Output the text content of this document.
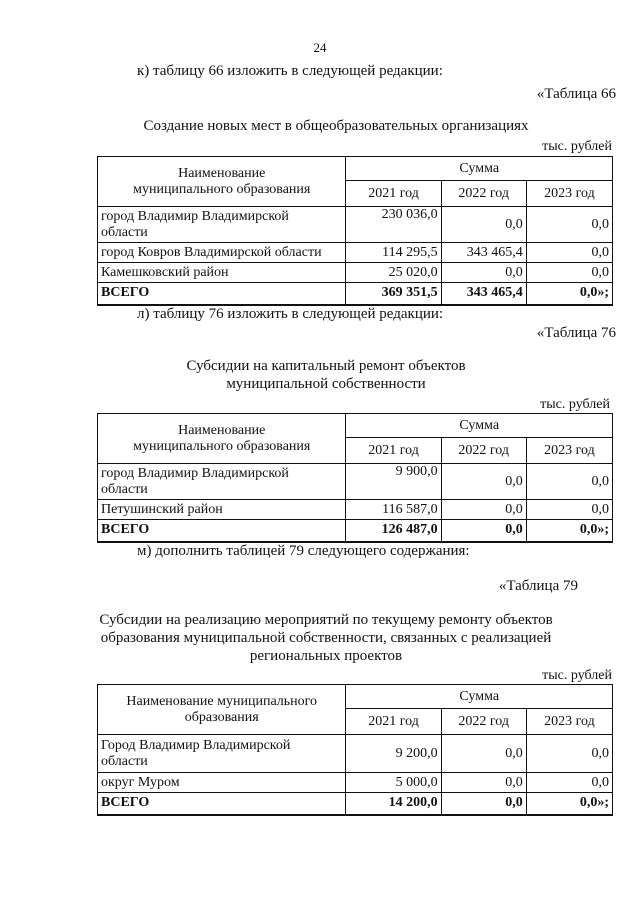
24
к) таблицу 66 изложить в следующей редакции:
«Таблица 66
Создание новых мест в общеобразовательных организациях
тыс. рублей
Наименование
муниципального образования	Сумма		
	2021 год	2022 год	2023 год

город Владимир Владимирской
области	230 036,0	0,0	0,0
город Ковров Владимирской области	114 295,5	343 465,4	0,0
Камешковский район	25 020,0	0,0	0,0
ВСЕГО	369 351,5	343 465,4	0,0»;
л) таблицу 76 изложить в следующей редакции:
«Таблица 76
Субсидии на капитальный ремонт объектов
муниципальной собственности
тыс. рублей
Наименование
муниципального образования	Сумма		
	2021 год	2022 год	2023 год

город Владимир Владимирской
области	9 900,0	0,0	0,0
Петушинский район	116 587,0	0,0	0,0
ВСЕГО	126 487,0	0,0	0,0»;
м) дополнить таблицей 79 следующего содержания:
«Таблица 79
Субсидии на реализацию мероприятий по текущему ремонту объектов
образования муниципальной собственности, связанных с реализацией
региональных проектов
тыс. рублей
Наименование муниципального
образования	Сумма		
	2021 год	2022 год	2023 год

Город Владимир Владимирской
области	9 200,0	0,0	0,0
округ Муром	5 000,0	0,0	0,0
ВСЕГО	14 200,0	0,0	0,0»;
